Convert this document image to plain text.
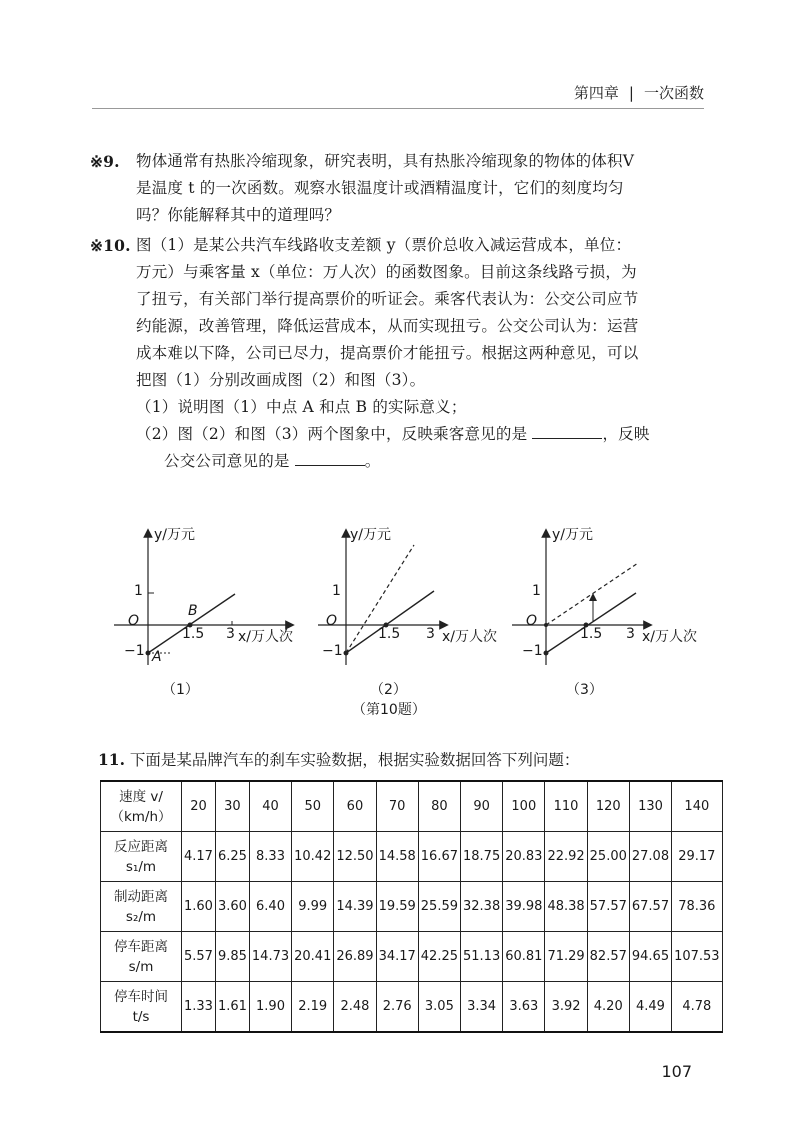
第四章 | 一次函数
※9.	物体通常有热胀冷缩现象，研究表明，具有热胀冷缩现象的物体的体积V
是温度 t 的一次函数。观察水银温度计或酒精温度计，它们的刻度均匀
吗？你能解释其中的道理吗？
※10. 图（1）是某公共汽车线路收支差额 y（票价总收入减运营成本，单位：
万元）与乘客量 x（单位：万人次）的函数图象。目前这条线路亏损，为
了扭亏，有关部门举行提高票价的听证会。乘客代表认为：公交公司应节
约能源，改善管理，降低运营成本，从而实现扭亏。公交公司认为：运营
成本难以下降，公司已尽力，提高票价才能扭亏。根据这两种意见，可以
把图（1）分别改画成图（2）和图（3）。
（1）说明图（1）中点 A 和点 B 的实际意义；
（2）图（2）和图（3）两个图象中，反映乘客意见的是	，反映
公交公司意见的是	。
y/万元
x/万人次
1
O
−1
1.5 3
A
B
（1）
y/万元
x/万人次
1
O
−1
1.5 3
（2）
（第10题）
y/万元
x/万人次
1
O
−1
1.5 3
（3）
11. 下面是某品牌汽车的刹车实验数据，根据实验数据回答下列问题：
速度 v/
（km/h）	20	30	40	50	60	70	80	90	100	110	120	130	140

反应距离
s₁/m	4.17	6.25	8.33	10.42	12.50	14.58	16.67	18.75	20.83	22.92	25.00	27.08	29.17

制动距离
s₂/m	1.60	3.60	6.40	9.99	14.39	19.59	25.59	32.38	39.98	48.38	57.57	67.57	78.36

停车距离
s/m	5.57	9.85	14.73	20.41	26.89	34.17	42.25	51.13	60.81	71.29	82.57	94.65	107.53

停车时间
t/s	1.33	1.61	1.90	2.19	2.48	2.76	3.05	3.34	3.63	3.92	4.20	4.49	4.78
107
